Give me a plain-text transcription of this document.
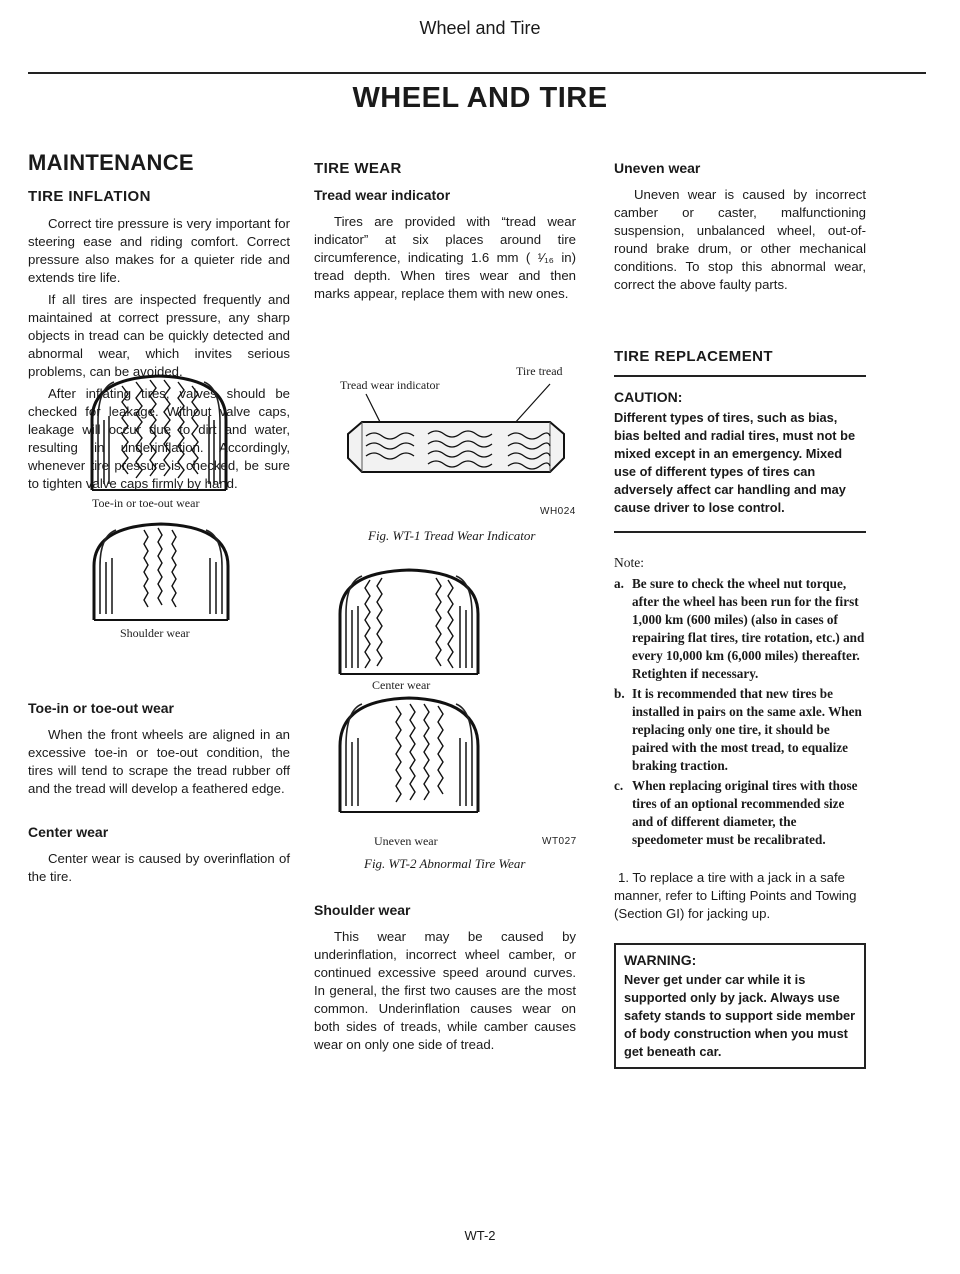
Wheel and Tire
WHEEL AND TIRE
MAINTENANCE
TIRE INFLATION

Correct tire pressure is very important for steering ease and riding comfort. Correct pressure also makes for a quieter ride and extends tire life.

If all tires are inspected frequently and maintained at correct pressure, any sharp objects in tread can be quickly detected and abnormal wear, which invites serious problems, can be avoided.

After inflating tires, valves should be checked for leakage. Without valve caps, leakage will occur due to dirt and water, resulting in underinflation. Accordingly, whenever tire pressure is checked, be sure to tighten valve caps firmly by hand.

Toe-in or toe-out wear
Shoulder wear
Toe-in or toe-out wear

When the front wheels are aligned in an excessive toe-in or toe-out condition, the tires will tend to scrape the tread rubber off and the tread will develop a feathered edge.

Center wear

Center wear is caused by overinflation of the tire.

TIRE WEAR
Tread wear indicator

Tires are provided with “tread wear indicator” at six places around tire circumference, indicating 1.6 mm ( ¹⁄₁₆ in) tread depth. When tires wear and then marks appear, replace them with new ones.

Tire tread
Tread wear indicator
WH024
Fig. WT-1 Tread Wear Indicator
Center wear
Uneven wear	WT027
Fig. WT-2 Abnormal Tire Wear
Shoulder wear

This wear may be caused by underinflation, incorrect wheel camber, or continued excessive speed around curves. In general, the first two causes are the most common. Underinflation causes wear on both sides of treads, while camber causes wear on only one side of tread.

Uneven wear

Uneven wear is caused by incorrect camber or caster, malfunctioning suspension, unbalanced wheel, out-of-round brake drum, or other mechanical conditions. To stop this abnormal wear, correct the above faulty parts.

TIRE REPLACEMENT
CAUTION:
Different types of tires, such as bias, bias belted and radial tires, must not be mixed except in an emergency. Mixed use of different types of tires can adversely affect car handling and may cause driver to lose control.
Note:
a. Be sure to check the wheel nut torque, after the wheel has been run for the first 1,000 km (600 miles) (also in cases of repairing flat tires, tire rotation, etc.) and every 10,000 km (6,000 miles) thereafter. Retighten if necessary.
b. It is recommended that new tires be installed in pairs on the same axle. When replacing only one tire, it should be paired with the most tread, to equalize braking traction.
c. When replacing original tires with those tires of an optional recommended size and of different diameter, the speedometer must be recalibrated.
1. To replace a tire with a jack in a safe manner, refer to Lifting Points and Towing (Section GI) for jacking up.
WARNING:
Never get under car while it is supported only by jack. Always use safety stands to support side member of body construction when you must get beneath car.
WT-2
